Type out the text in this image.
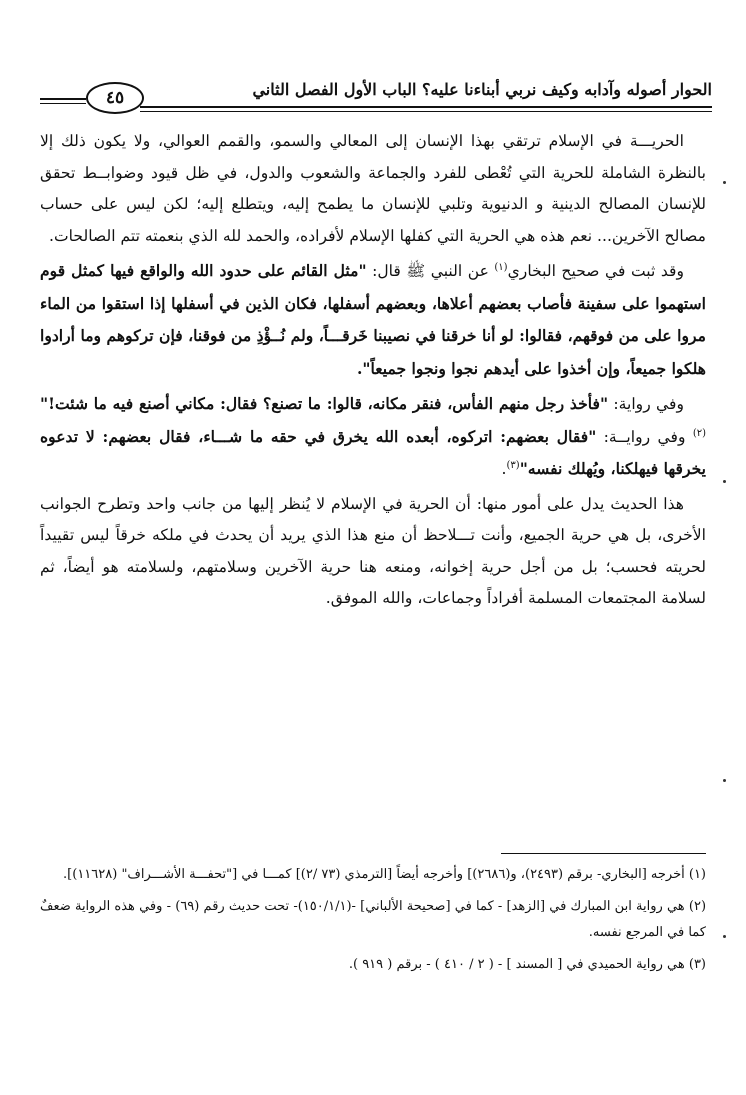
٤٥	الحوار أصوله وآدابه وكيف نربي أبناءنا عليه؟ الباب الأول الفصل الثاني

الحريـــة في الإسلام ترتقي بهذا الإنسان إلى المعالي والسمو، والقمم العوالي، ولا يكون ذلك إلا بالنظرة الشاملة للحرية التي تُعْطى للفرد والجماعة والشعوب والدول، في ظل قيود وضوابــط تحقق للإنسان المصالح الدينية و الدنيوية وتلبي للإنسان ما يطمح إليه، ويتطلع إليه؛ لكن ليس على حساب مصالح الآخرين... نعم هذه هي الحرية التي كفلها الإسلام لأفراده، والحمد لله الذي بنعمته تتم الصالحات.

وقد ثبت في صحيح البخاري$^{(١)}$ عن النبي ﷺ قال: "مثل القائم على حدود الله والواقع فيها كمثل قوم استهموا على سفينة فأصاب بعضهم أعلاها، وبعضهم أسفلها، فكان الذين في أسفلها إذا استقوا من الماء مروا على من فوقهم، فقالوا: لو أنا خرقنا في نصيبنا خَرقـــاً، ولم نُــؤْذِ من فوقنا، فإن تركوهم وما أرادوا هلكوا جميعاً، وإن أخذوا على أيدهم نجوا ونجوا جميعاً".

وفي رواية: "فأخذ رجل منهم الفأس، فنقر مكانه، قالوا: ما تصنع؟ فقال: مكاني أصنع فيه ما شئت!"$^{(٢)}$ وفي روايــة: "فقال بعضهم: اتركوه، أبعده الله يخرق في حقه ما شـــاء، فقال بعضهم: لا تدعوه يخرقها فيهلكنا، ويُهلك نفسه"$^{(٣)}$.

هذا الحديث يدل على أمور منها: أن الحرية في الإسلام لا يُنظر إليها من جانب واحد وتطرح الجوانب الأخرى، بل هي حرية الجميع، وأنت تـــلاحظ أن منع هذا الذي يريد أن يحدث في ملكه خرقاً ليس تقييداً لحريته فحسب؛ بل من أجل حرية إخوانه، ومنعه هنا حرية الآخرين وسلامتهم، ولسلامته هو أيضاً، ثم لسلامة المجتمعات المسلمة أفراداً وجماعات، والله الموفق.

(١) أخرجه [البخاري- برقم (٢٤٩٣)، و(٢٦٨٦)] وأخرجه أيضاً [الترمذي (٧٣ /٢)] كمـــا في ["تحفـــة الأشـــراف" (١١٦٢٨)].

(٢) هي رواية ابن المبارك في [الزهد] - كما في [صحيحة الألباني] -(١٥٠/١/١)- تحت حديث رقم (٦٩) - وفي هذه الرواية ضعفٌ كما في المرجع نفسه.

(٣) هي رواية الحميدي في [ المسند ] - ( ٢ / ٤١٠ ) - برقم ( ٩١٩ ).
